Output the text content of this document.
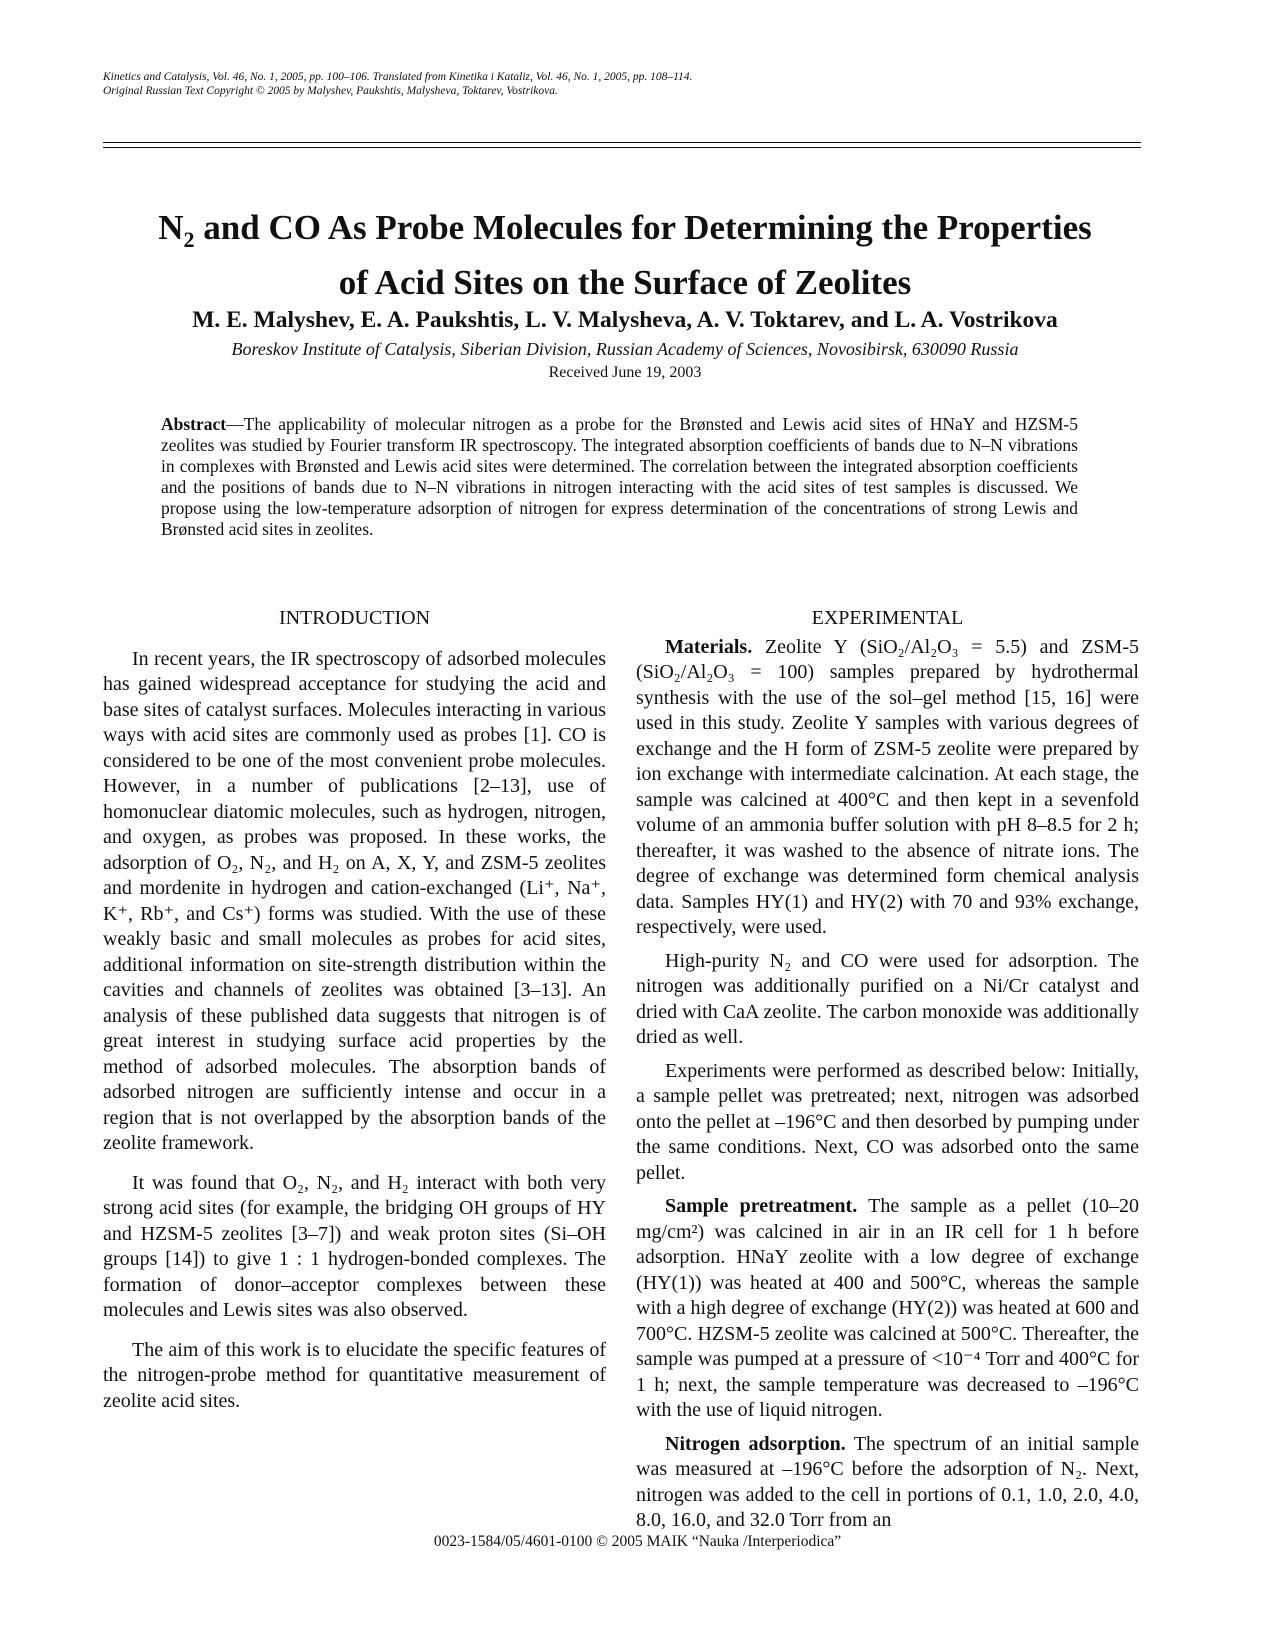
Kinetics and Catalysis, Vol. 46, No. 1, 2005, pp. 100–106. Translated from Kinetika i Kataliz, Vol. 46, No. 1, 2005, pp. 108–114.
Original Russian Text Copyright © 2005 by Malyshev, Paukshtis, Malysheva, Toktarev, Vostrikova.
$N_2$ and CO As Probe Molecules for Determining the Properties
of Acid Sites on the Surface of Zeolites
M. E. Malyshev, E. A. Paukshtis, L. V. Malysheva, A. V. Toktarev, and L. A. Vostrikova
Boreskov Institute of Catalysis, Siberian Division, Russian Academy of Sciences, Novosibirsk, 630090 Russia
Received June 19, 2003
Abstract—The applicability of molecular nitrogen as a probe for the Brønsted and Lewis acid sites of HNaY and HZSM-5 zeolites was studied by Fourier transform IR spectroscopy. The integrated absorption coefficients of bands due to N–N vibrations in complexes with Brønsted and Lewis acid sites were determined. The correlation between the integrated absorption coefficients and the positions of bands due to N–N vibrations in nitrogen interacting with the acid sites of test samples is discussed. We propose using the low-temperature adsorption of nitrogen for express determination of the concentrations of strong Lewis and Brønsted acid sites in zeolites.
INTRODUCTION

In recent years, the IR spectroscopy of adsorbed molecules has gained widespread acceptance for studying the acid and base sites of catalyst surfaces. Molecules interacting in various ways with acid sites are commonly used as probes [1]. CO is considered to be one of the most convenient probe molecules. However, in a number of publications [2–13], use of homonuclear diatomic molecules, such as hydrogen, nitrogen, and oxygen, as probes was proposed. In these works, the adsorption of O₂, N₂, and H₂ on A, X, Y, and ZSM-5 zeolites and mordenite in hydrogen and cation-exchanged (Li⁺, Na⁺, K⁺, Rb⁺, and Cs⁺) forms was studied. With the use of these weakly basic and small molecules as probes for acid sites, additional information on site-strength distribution within the cavities and channels of zeolites was obtained [3–13]. An analysis of these published data suggests that nitrogen is of great interest in studying surface acid properties by the method of adsorbed molecules. The absorption bands of adsorbed nitrogen are sufficiently intense and occur in a region that is not overlapped by the absorption bands of the zeolite framework.

It was found that O₂, N₂, and H₂ interact with both very strong acid sites (for example, the bridging OH groups of HY and HZSM-5 zeolites [3–7]) and weak proton sites (Si–OH groups [14]) to give 1 : 1 hydrogen-bonded complexes. The formation of donor–acceptor complexes between these molecules and Lewis sites was also observed.

The aim of this work is to elucidate the specific features of the nitrogen-probe method for quantitative measurement of zeolite acid sites.

EXPERIMENTAL

Materials. Zeolite Y (SiO₂/Al₂O₃ = 5.5) and ZSM-5 (SiO₂/Al₂O₃ = 100) samples prepared by hydrothermal synthesis with the use of the sol–gel method [15, 16] were used in this study. Zeolite Y samples with various degrees of exchange and the H form of ZSM-5 zeolite were prepared by ion exchange with intermediate calcination. At each stage, the sample was calcined at 400°C and then kept in a sevenfold volume of an ammonia buffer solution with pH 8–8.5 for 2 h; thereafter, it was washed to the absence of nitrate ions. The degree of exchange was determined form chemical analysis data. Samples HY(1) and HY(2) with 70 and 93% exchange, respectively, were used.

High-purity N₂ and CO were used for adsorption. The nitrogen was additionally purified on a Ni/Cr catalyst and dried with CaA zeolite. The carbon monoxide was additionally dried as well.

Experiments were performed as described below: Initially, a sample pellet was pretreated; next, nitrogen was adsorbed onto the pellet at –196°C and then desorbed by pumping under the same conditions. Next, CO was adsorbed onto the same pellet.

Sample pretreatment. The sample as a pellet (10–20 mg/cm²) was calcined in air in an IR cell for 1 h before adsorption. HNaY zeolite with a low degree of exchange (HY(1)) was heated at 400 and 500°C, whereas the sample with a high degree of exchange (HY(2)) was heated at 600 and 700°C. HZSM-5 zeolite was calcined at 500°C. Thereafter, the sample was pumped at a pressure of <10⁻⁴ Torr and 400°C for 1 h; next, the sample temperature was decreased to –196°C with the use of liquid nitrogen.

Nitrogen adsorption. The spectrum of an initial sample was measured at –196°C before the adsorption of N₂. Next, nitrogen was added to the cell in portions of 0.1, 1.0, 2.0, 4.0, 8.0, 16.0, and 32.0 Torr from an

0023-1584/05/4601-0100 © 2005 MAIK “Nauka /Interperiodica”
